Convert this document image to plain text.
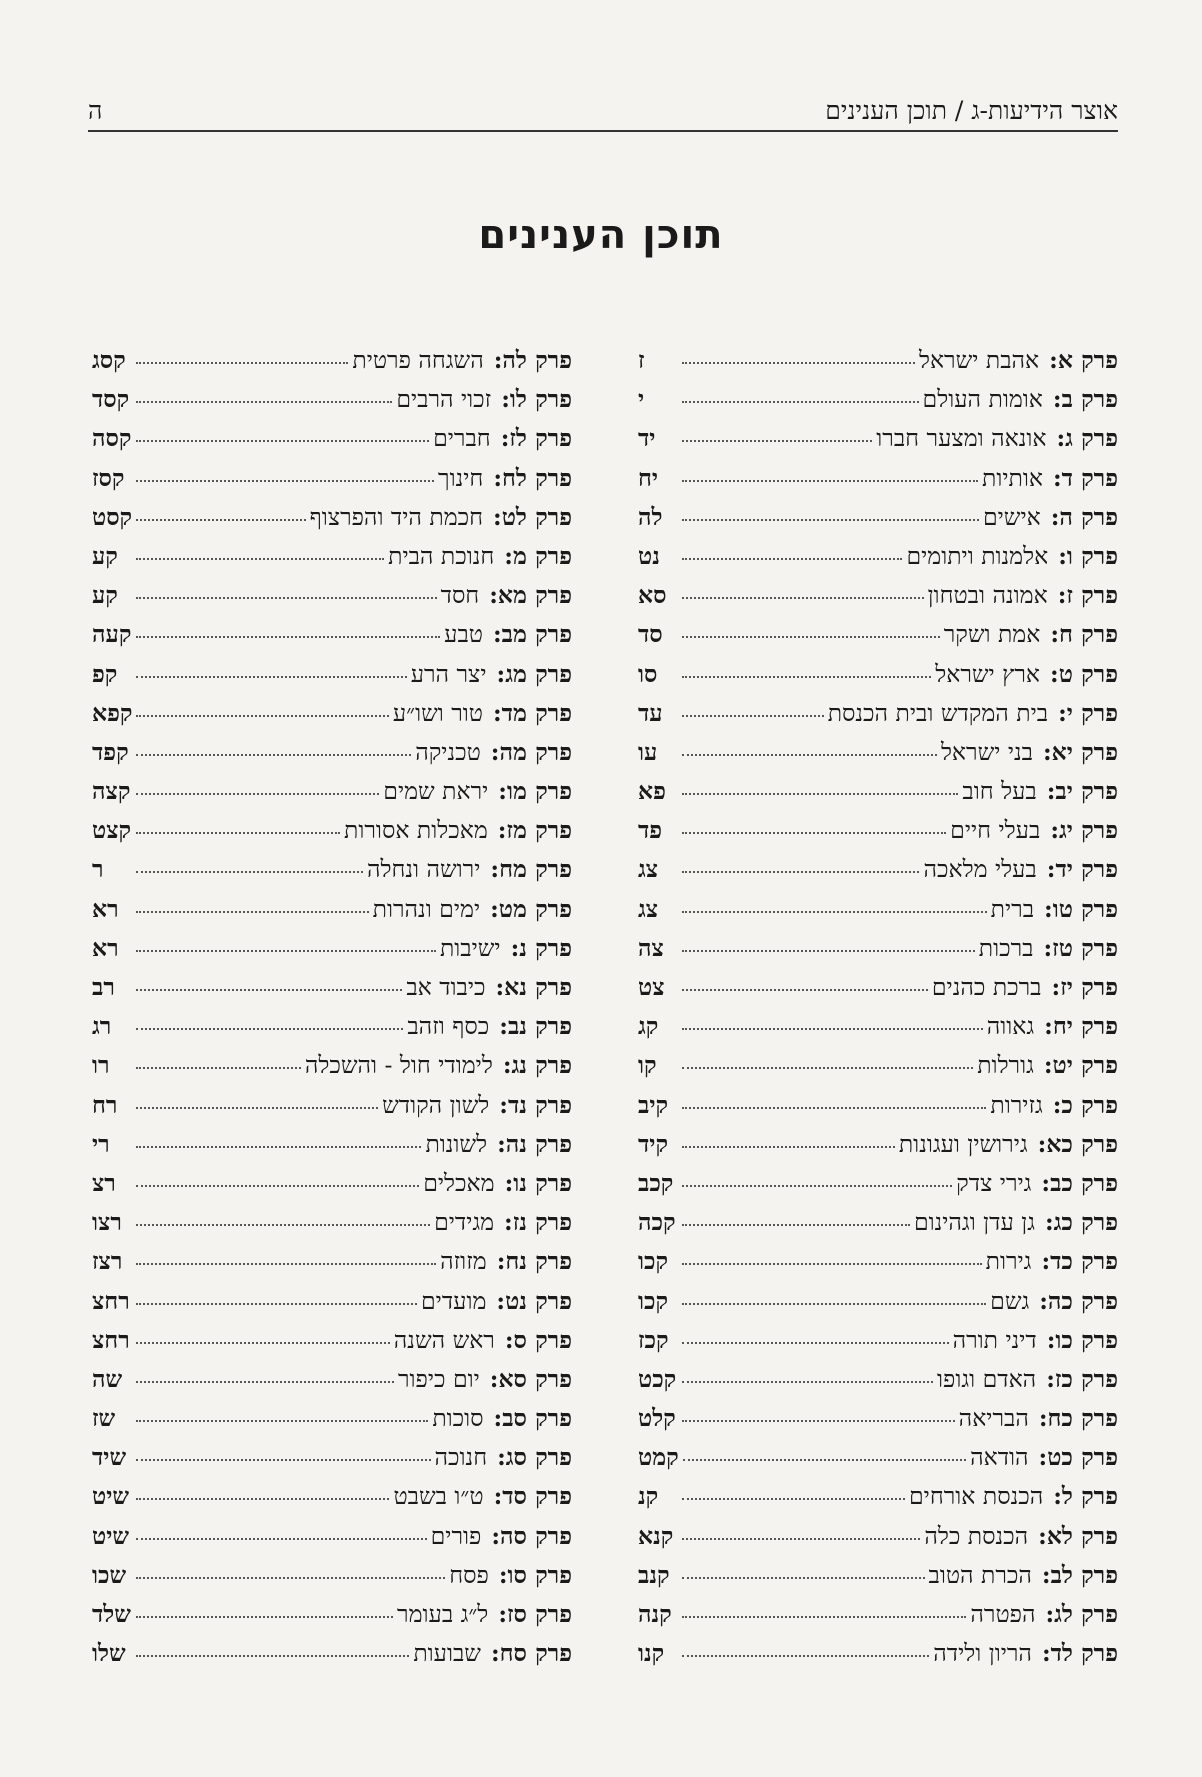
אוצר הידיעות-ג / תוכן הענינים
ה
תוכן הענינים
פרק א:
אהבת ישראל
ז
פרק ב:
אומות העולם
י
פרק ג:
אונאה ומצער חברו
יד
פרק ד:
אותיות
יח
פרק ה:
אישים
לה
פרק ו:
אלמנות ויתומים
נט
פרק ז:
אמונה ובטחון
סא
פרק ח:
אמת ושקר
סד
פרק ט:
ארץ ישראל
סו
פרק י:
בית המקדש ובית הכנסת
עד
פרק יא:
בני ישראל
עו
פרק יב:
בעל חוב
פא
פרק יג:
בעלי חיים
פד
פרק יד:
בעלי מלאכה
צג
פרק טו:
ברית
צג
פרק טז:
ברכות
צה
פרק יז:
ברכת כהנים
צט
פרק יח:
גאווה
קג
פרק יט:
גורלות
קו
פרק כ:
גזירות
קיב
פרק כא:
גירושין ועגונות
קיד
פרק כב:
גירי צדק
קכב
פרק כג:
גן עדן וגהינום
קכה
פרק כד:
גירות
קכו
פרק כה:
גשם
קכו
פרק כו:
דיני תורה
קכז
פרק כז:
האדם וגופו
קכט
פרק כח:
הבריאה
קלט
פרק כט:
הודאה
קמט
פרק ל:
הכנסת אורחים
קנ
פרק לא:
הכנסת כלה
קנא
פרק לב:
הכרת הטוב
קנב
פרק לג:
הפטרה
קנה
פרק לד:
הריון ולידה
קנו
פרק לה:
השגחה פרטית
קסג
פרק לו:
זכוי הרבים
קסד
פרק לז:
חברים
קסה
פרק לח:
חינוך
קסז
פרק לט:
חכמת היד והפרצוף
קסט
פרק מ:
חנוכת הבית
קע
פרק מא:
חסד
קע
פרק מב:
טבע
קעה
פרק מג:
יצר הרע
קפ
פרק מד:
טור ושו״ע
קפא
פרק מה:
טכניקה
קפד
פרק מו:
יראת שמים
קצה
פרק מז:
מאכלות אסורות
קצט
פרק מח:
ירושה ונחלה
ר
פרק מט:
ימים ונהרות
רא
פרק נ:
ישיבות
רא
פרק נא:
כיבוד אב
רב
פרק נב:
כסף וזהב
רג
פרק נג:
לימודי חול - והשכלה
רו
פרק נד:
לשון הקודש
רח
פרק נה:
לשונות
רי
פרק נו:
מאכלים
רצ
פרק נז:
מגידים
רצו
פרק נח:
מזוזה
רצז
פרק נט:
מועדים
רחצ
פרק ס:
ראש השנה
רחצ
פרק סא:
יום כיפור
שה
פרק סב:
סוכות
שז
פרק סג:
חנוכה
שיד
פרק סד:
ט״ו בשבט
שיט
פרק סה:
פורים
שיט
פרק סו:
פסח
שכו
פרק סז:
ל״ג בעומר
שלד
פרק סח:
שבועות
שלו
